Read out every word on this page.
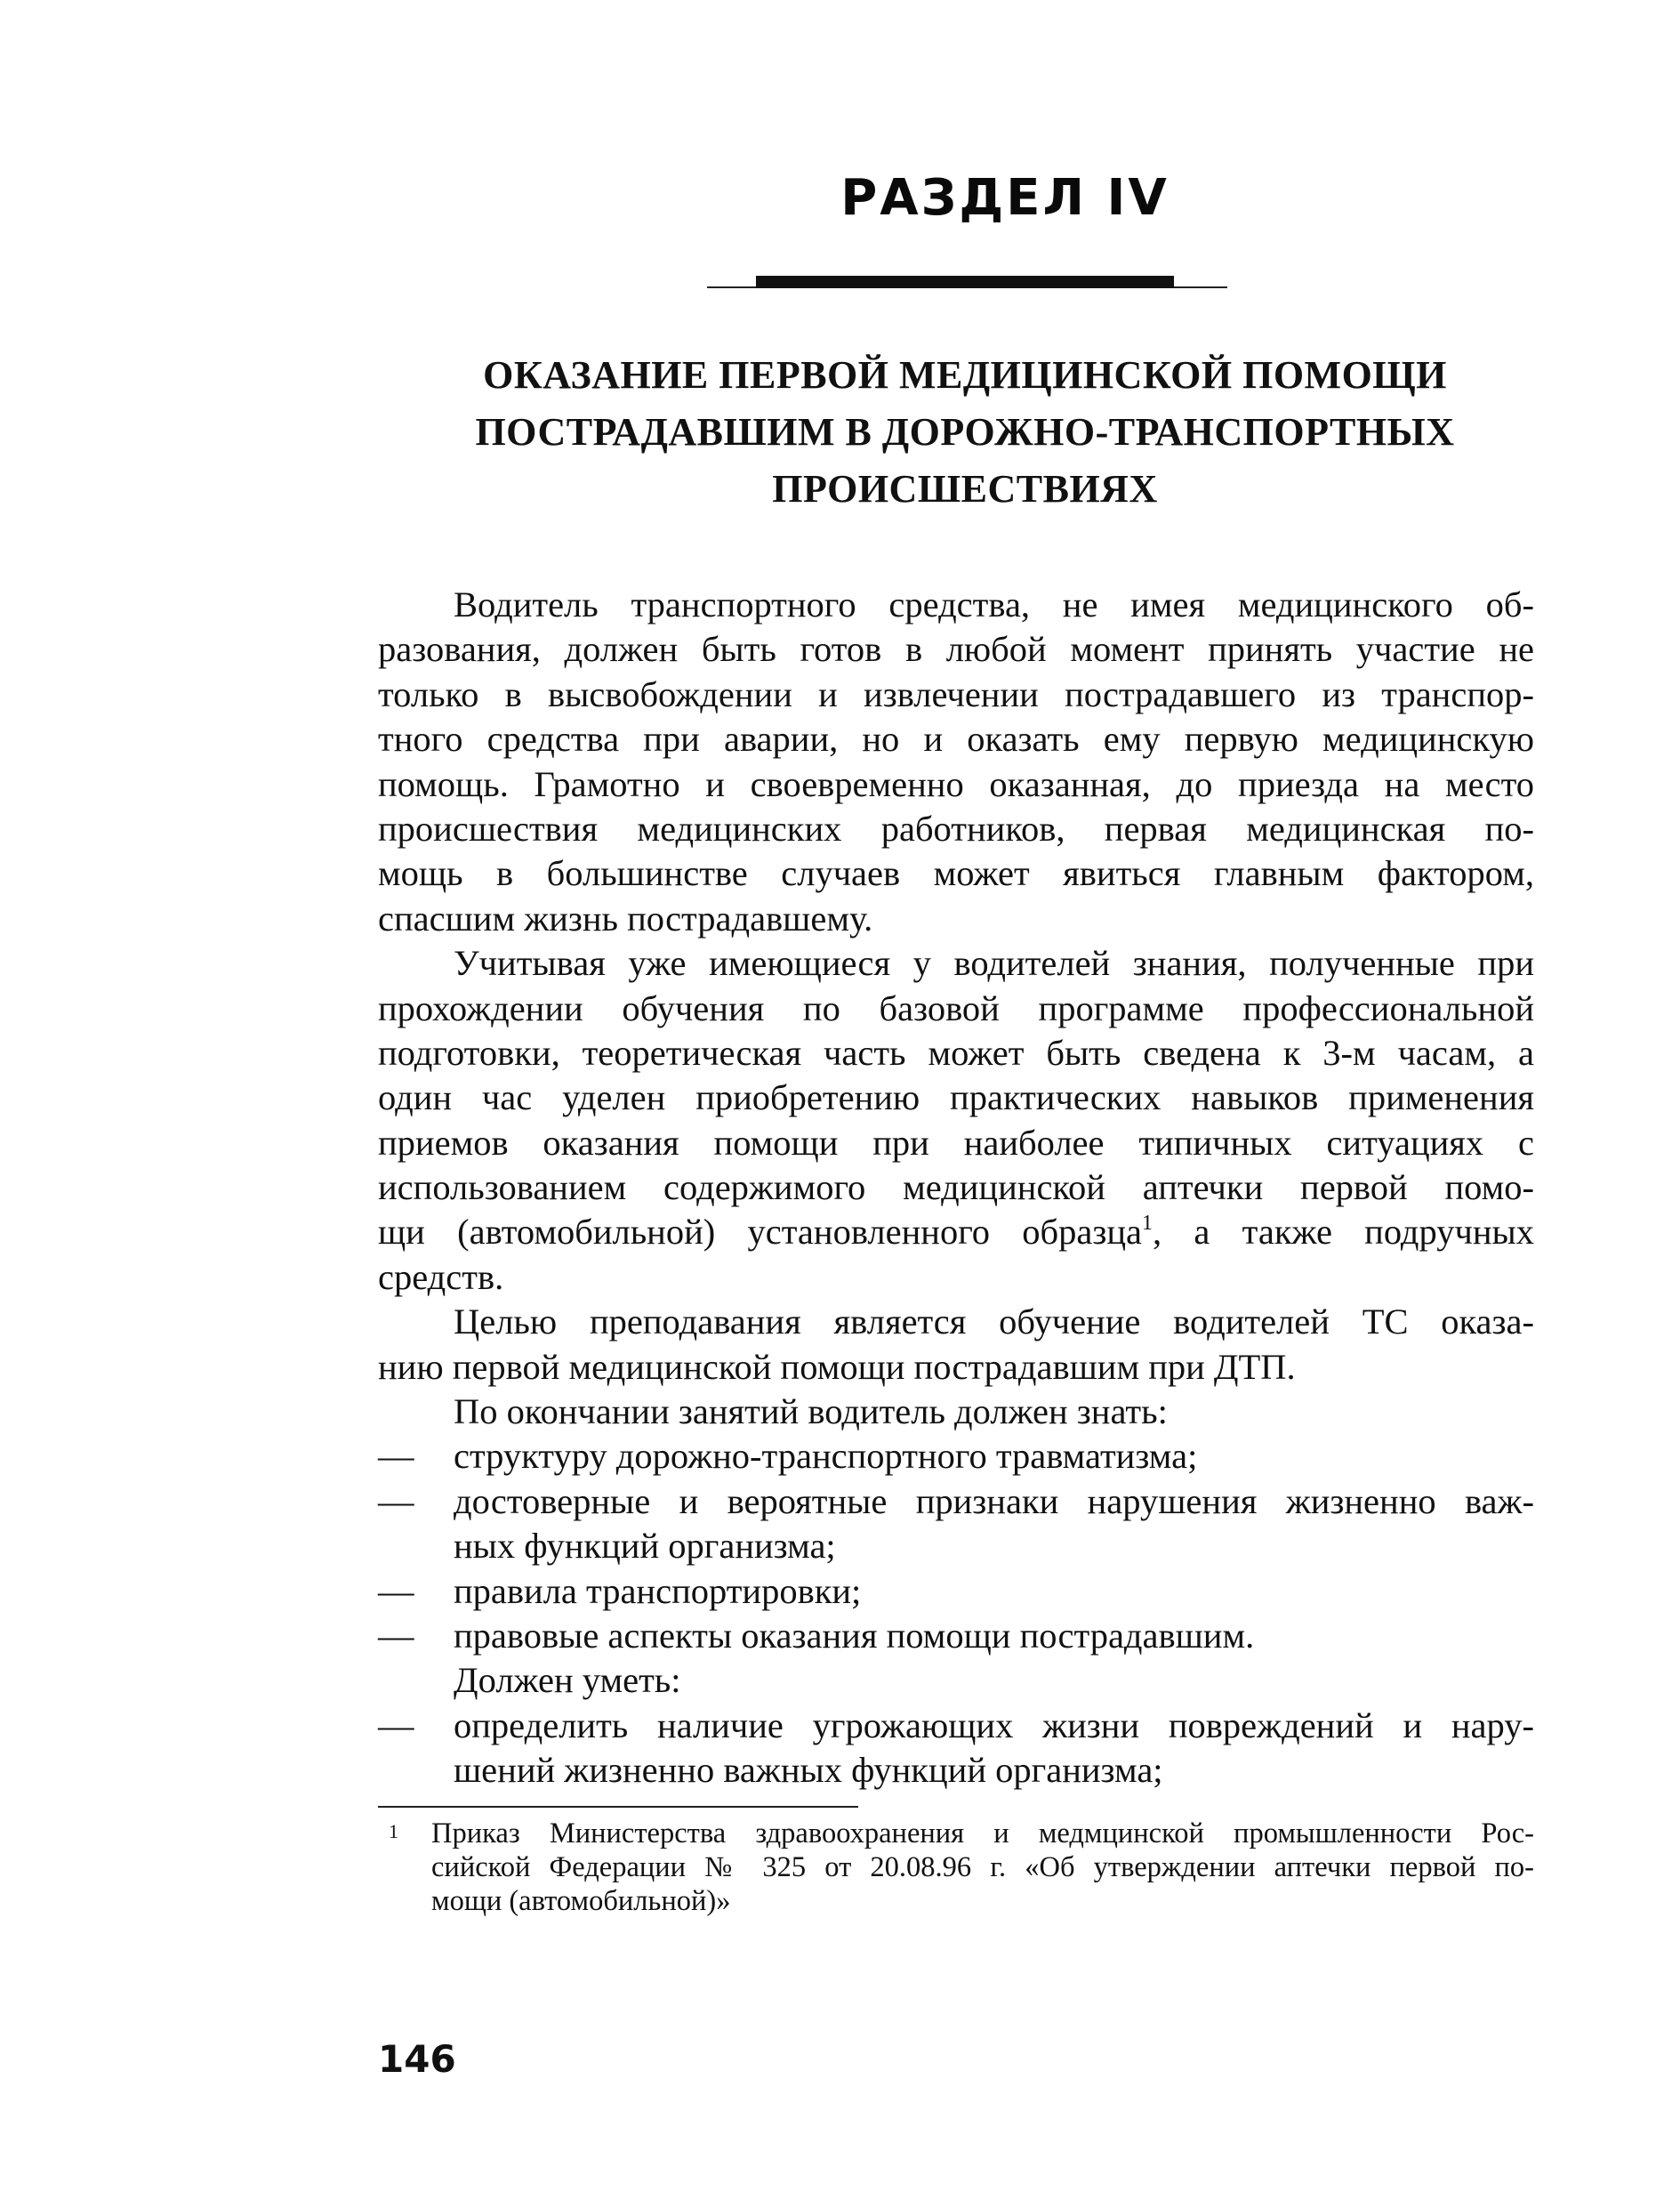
РАЗДЕЛ IV
ОКАЗАНИЕ ПЕРВОЙ МЕДИЦИНСКОЙ ПОМОЩИ
ПОСТРАДАВШИМ В ДОРОЖНО-ТРАНСПОРТНЫХ
ПРОИСШЕСТВИЯХ
Водитель транспортного средства, не имея медицинского об-
разования, должен быть готов в любой момент принять участие не
только в высвобождении и извлечении пострадавшего из транспор-
тного средства при аварии, но и оказать ему первую медицинскую
помощь. Грамотно и своевременно оказанная, до приезда на место
происшествия медицинских работников, первая медицинская по-
мощь в большинстве случаев может явиться главным фактором,
спасшим жизнь пострадавшему.
Учитывая уже имеющиеся у водителей знания, полученные при
прохождении обучения по базовой программе профессиональной
подготовки, теоретическая часть может быть сведена к 3-м часам, а
один час уделен приобретению практических навыков применения
приемов оказания помощи при наиболее типичных ситуациях с
использованием содержимого медицинской аптечки первой помо-
щи (автомобильной) установленного образца$^1$, а также подручных
средств.
Целью преподавания является обучение водителей ТС оказа-
нию первой медицинской помощи пострадавшим при ДТП.
По окончании занятий водитель должен знать:
— структуру дорожно-транспортного травматизма;
— достоверные и вероятные признаки нарушения жизненно важ-
ных функций организма;
— правила транспортировки;
— правовые аспекты оказания помощи пострадавшим.
Должен уметь:
— определить наличие угрожающих жизни повреждений и нару-
шений жизненно важных функций организма;
1 Приказ Министерства здравоохранения и медмцинской промышленности Рос-
сийской Федерации № 325 от 20.08.96 г. «Об утверждении аптечки первой по-
мощи (автомобильной)»
146
